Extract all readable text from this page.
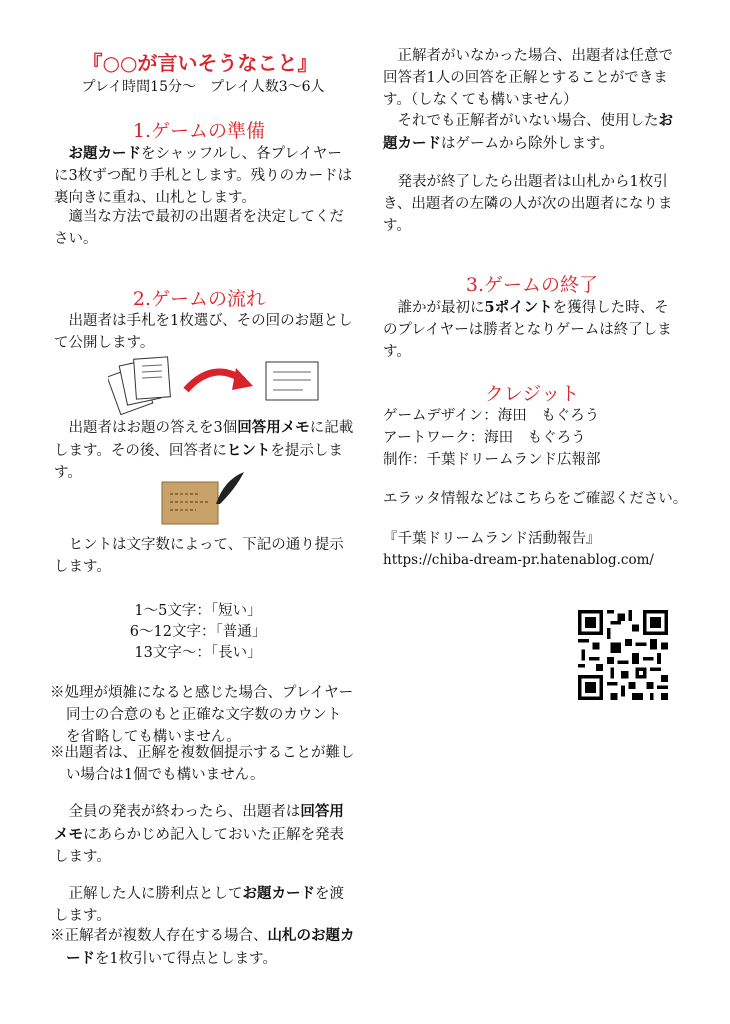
『○○が言いそうなこと』
プレイ時間15分〜　プレイ人数3〜6人
1.ゲームの準備
お題カードをシャッフルし、各プレイヤーに3枚ずつ配り手札とします。残りのカードは裏向きに重ね、山札とします。
適当な方法で最初の出題者を決定してください。
2.ゲームの流れ
出題者は手札を1枚選び、その回のお題として公開します。
出題者はお題の答えを3個回答用メモに記載します。その後、回答者にヒントを提示します。
ヒントは文字数によって、下記の通り提示します。
1〜5文字：「短い」
6〜12文字：「普通」
13文字〜：「長い」
※処理が煩雑になると感じた場合、プレイヤー同士の合意のもと正確な文字数のカウントを省略しても構いません。
※出題者は、正解を複数個提示することが難しい場合は1個でも構いません。
全員の発表が終わったら、出題者は回答用メモにあらかじめ記入しておいた正解を発表します。
正解した人に勝利点としてお題カードを渡します。
※正解者が複数人存在する場合、山札のお題カードを1枚引いて得点とします。
正解者がいなかった場合、出題者は任意で回答者1人の回答を正解とすることができます。（しなくても構いません）
それでも正解者がいない場合、使用したお題カードはゲームから除外します。
発表が終了したら出題者は山札から1枚引き、出題者の左隣の人が次の出題者になります。
3.ゲームの終了
誰かが最初に5ポイントを獲得した時、そのプレイヤーは勝者となりゲームは終了します。
クレジット
ゲームデザイン：海田　もぐろう
アートワーク：海田　もぐろう
制作：千葉ドリームランド広報部
エラッタ情報などはこちらをご確認ください。
『千葉ドリームランド活動報告』
https://chiba-dream-pr.hatenablog.com/
